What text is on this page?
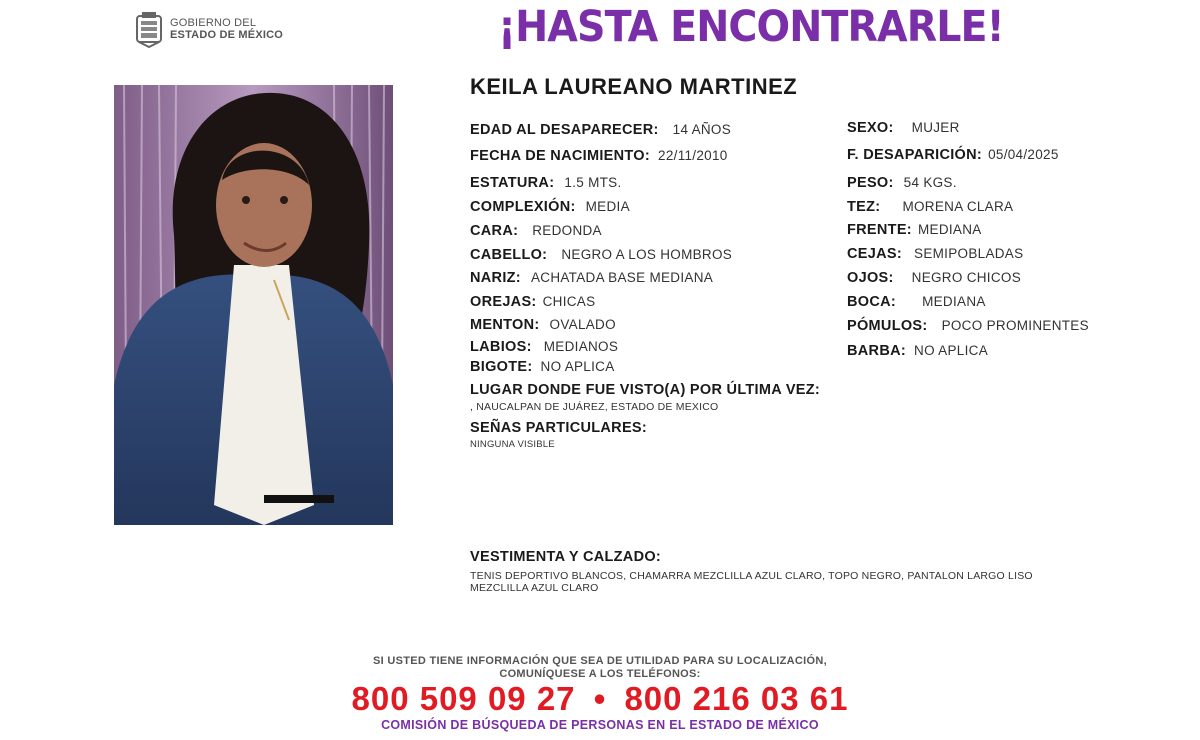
GOBIERNO DEL
ESTADO DE MÉXICO	¡HASTA ENCONTRARLE!
KEILA LAUREANO MARTINEZ
EDAD AL DESAPARECER: 14 AÑOS
FECHA DE NACIMIENTO: 22/11/2010
ESTATURA: 1.5 MTS.
COMPLEXIÓN: MEDIA
CARA: REDONDA
CABELLO: NEGRO A LOS HOMBROS
NARIZ: ACHATADA BASE MEDIANA
OREJAS: CHICAS
MENTON: OVALADO
LABIOS: MEDIANOS
BIGOTE: NO APLICA
SEXO: MUJER
F. DESAPARICIÓN: 05/04/2025
PESO: 54 KGS.
TEZ: MORENA CLARA
FRENTE: MEDIANA
CEJAS: SEMIPOBLADAS
OJOS: NEGRO CHICOS
BOCA: MEDIANA
PÓMULOS: POCO PROMINENTES
BARBA: NO APLICA
LUGAR DONDE FUE VISTO(A) POR ÚLTIMA VEZ:
, NAUCALPAN DE JUÁREZ, ESTADO DE MEXICO
SEÑAS PARTICULARES:
NINGUNA VISIBLE
VESTIMENTA Y CALZADO:
TENIS DEPORTIVO BLANCOS, CHAMARRA MEZCLILLA AZUL CLARO, TOPO NEGRO, PANTALON LARGO LISO
MEZCLILLA AZUL CLARO
SI USTED TIENE INFORMACIÓN QUE SEA DE UTILIDAD PARA SU LOCALIZACIÓN,
COMUNÍQUESE A LOS TELÉFONOS:
800 509 09 27 • 800 216 03 61
COMISIÓN DE BÚSQUEDA DE PERSONAS EN EL ESTADO DE MÉXICO
